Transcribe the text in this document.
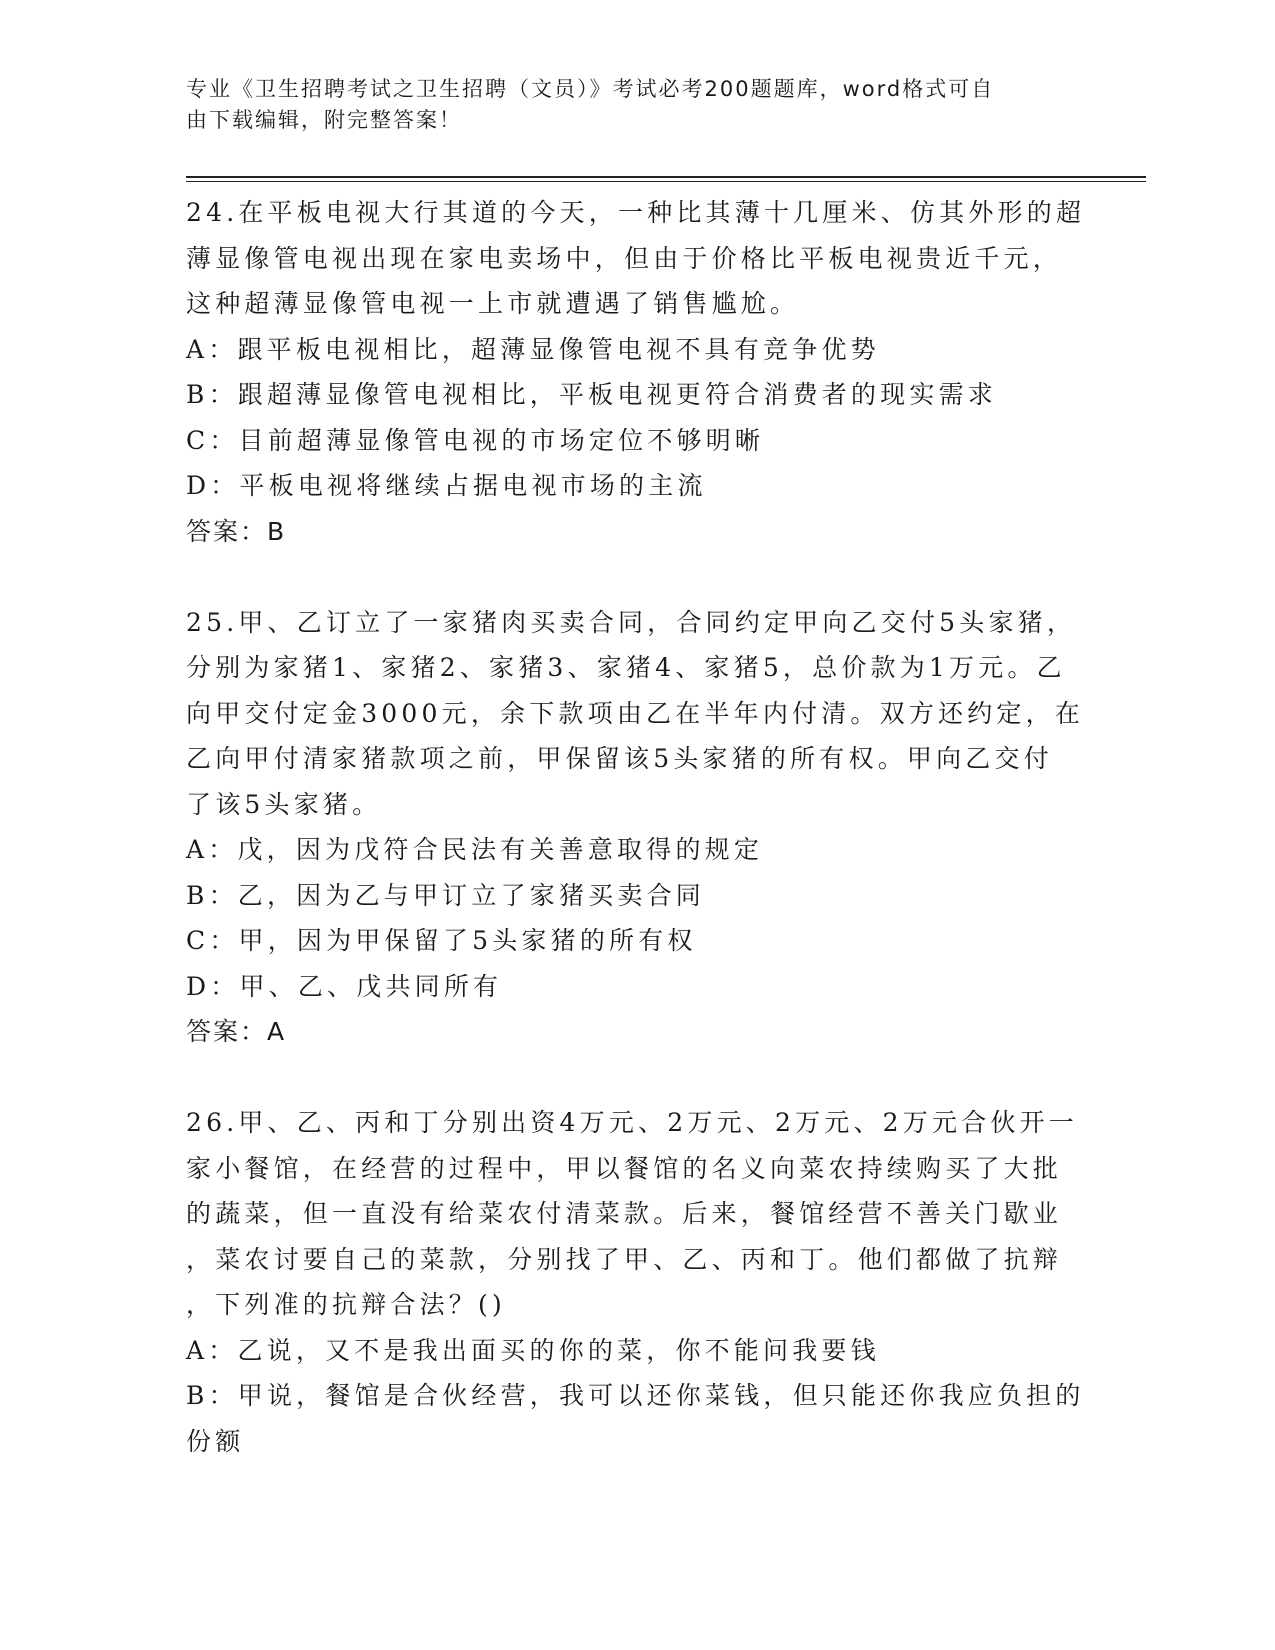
专业《卫生招聘考试之卫生招聘（文员）》考试必考200题题库，word格式可自
由下载编辑，附完整答案！

24.在平板电视大行其道的今天，一种比其薄十几厘米、仿其外形的超

薄显像管电视出现在家电卖场中，但由于价格比平板电视贵近千元，

这种超薄显像管电视一上市就遭遇了销售尴尬。

A：跟平板电视相比，超薄显像管电视不具有竞争优势

B：跟超薄显像管电视相比，平板电视更符合消费者的现实需求

C：目前超薄显像管电视的市场定位不够明晰

D：平板电视将继续占据电视市场的主流

答案：B

25.甲、乙订立了一家猪肉买卖合同，合同约定甲向乙交付5头家猪，

分别为家猪1、家猪2、家猪3、家猪4、家猪5，总价款为1万元。乙

向甲交付定金3000元，余下款项由乙在半年内付清。双方还约定，在

乙向甲付清家猪款项之前，甲保留该5头家猪的所有权。甲向乙交付

了该5头家猪。

A：戊，因为戊符合民法有关善意取得的规定

B：乙，因为乙与甲订立了家猪买卖合同

C：甲，因为甲保留了5头家猪的所有权

D：甲、乙、戊共同所有

答案：A

26.甲、乙、丙和丁分别出资4万元、2万元、2万元、2万元合伙开一

家小餐馆，在经营的过程中，甲以餐馆的名义向菜农持续购买了大批

的蔬菜，但一直没有给菜农付清菜款。后来，餐馆经营不善关门歇业

，菜农讨要自己的菜款，分别找了甲、乙、丙和丁。他们都做了抗辩

，下列准的抗辩合法？()

A：乙说，又不是我出面买的你的菜，你不能问我要钱

B：甲说，餐馆是合伙经营，我可以还你菜钱，但只能还你我应负担的

份额
